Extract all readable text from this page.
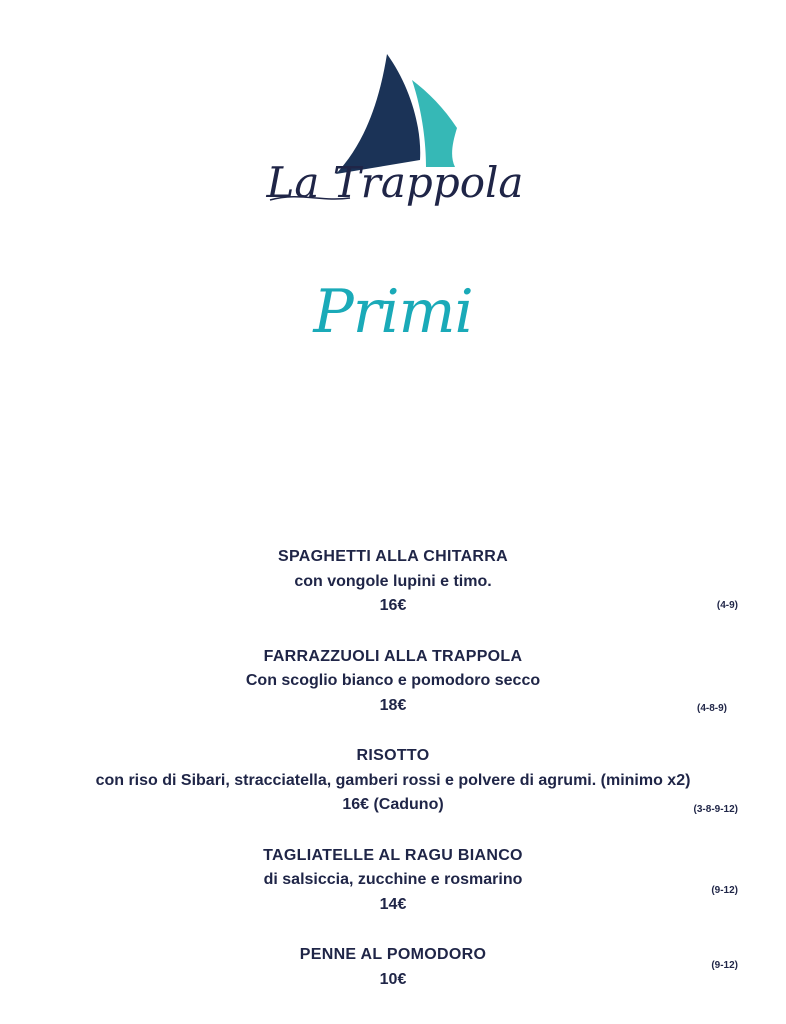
La Trappola
Primi
SPAGHETTI ALLA CHITARRA
con vongole lupini e timo.
16€	(4-9)
FARRAZZUOLI ALLA TRAPPOLA
Con scoglio bianco e pomodoro secco
18€	(4-8-9)
RISOTTO
con riso di Sibari, stracciatella, gamberi rossi e polvere di agrumi. (minimo x2)
16€ (Caduno)	(3-8-9-12)
TAGLIATELLE AL RAGU BIANCO
di salsiccia, zucchine e rosmarino
14€
(9-12)
PENNE AL POMODORO
10€
(9-12)
